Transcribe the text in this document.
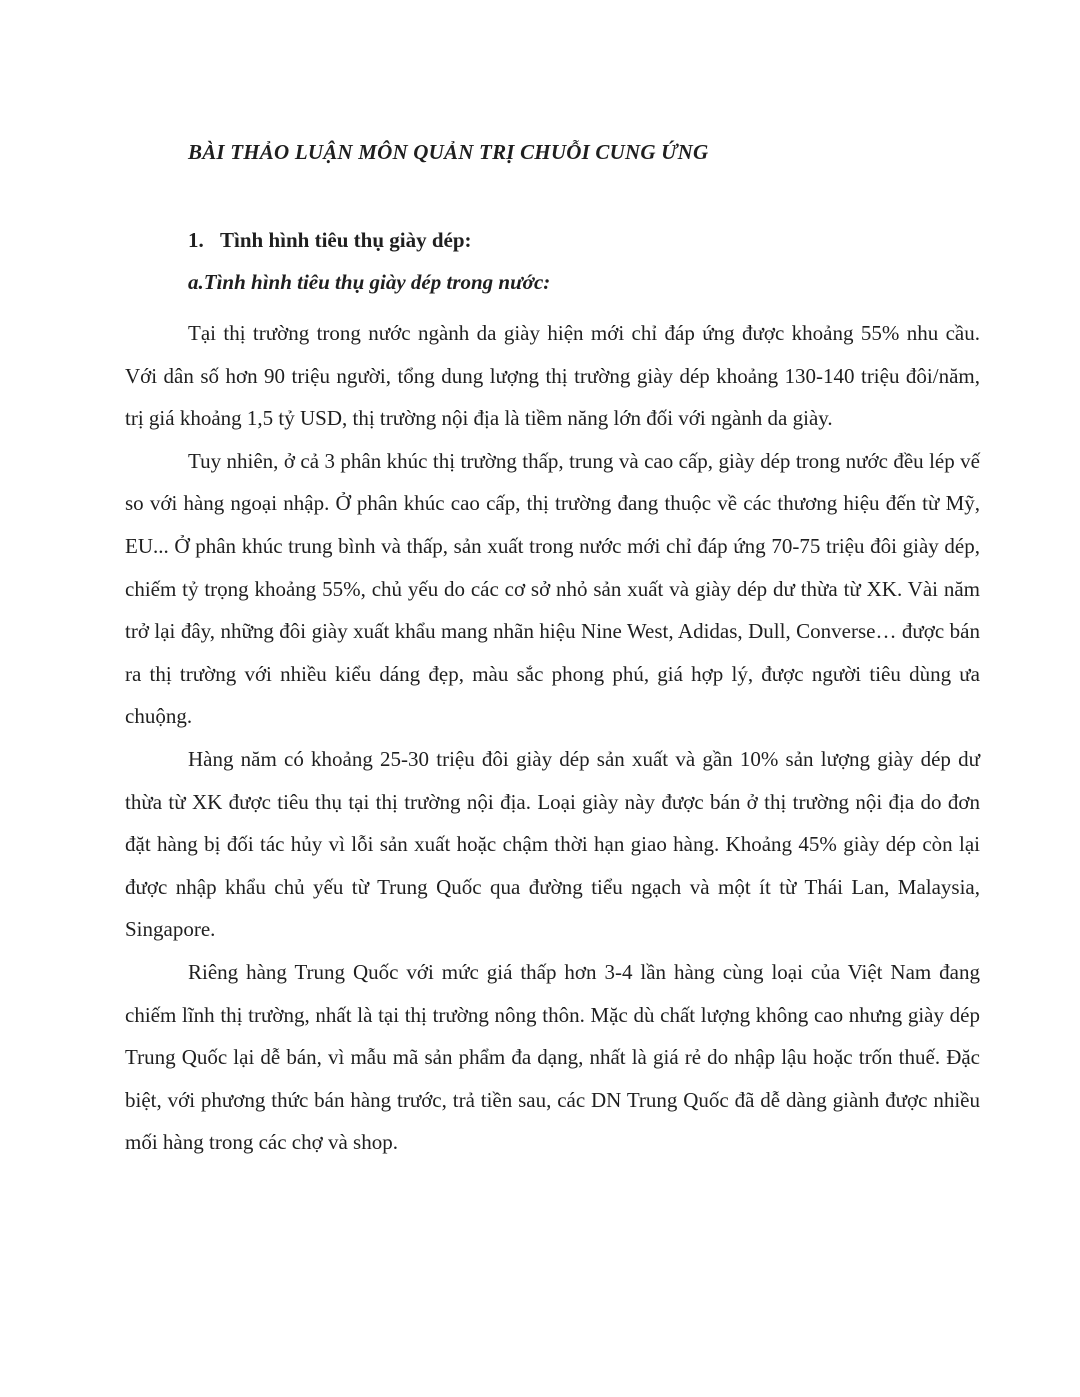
BÀI THẢO LUẬN MÔN QUẢN TRỊ CHUỖI CUNG ỨNG
1. Tình hình tiêu thụ giày dép:
a.Tình hình tiêu thụ giày dép trong nước:

Tại thị trường trong nước ngành da giày hiện mới chỉ đáp ứng được khoảng 55% nhu cầu. Với dân số hơn 90 triệu người, tổng dung lượng thị trường giày dép khoảng 130-140 triệu đôi/năm, trị giá khoảng 1,5 tỷ USD, thị trường nội địa là tiềm năng lớn đối với ngành da giày.

Tuy nhiên, ở cả 3 phân khúc thị trường thấp, trung và cao cấp, giày dép trong nước đều lép vế so với hàng ngoại nhập. Ở phân khúc cao cấp, thị trường đang thuộc về các thương hiệu đến từ Mỹ, EU... Ở phân khúc trung bình và thấp, sản xuất trong nước mới chỉ đáp ứng 70-75 triệu đôi giày dép, chiếm tỷ trọng khoảng 55%, chủ yếu do các cơ sở nhỏ sản xuất và giày dép dư thừa từ XK. Vài năm trở lại đây, những đôi giày xuất khẩu mang nhãn hiệu Nine West, Adidas, Dull, Converse… được bán ra thị trường với nhiều kiểu dáng đẹp, màu sắc phong phú, giá hợp lý, được người tiêu dùng ưa chuộng.

Hàng năm có khoảng 25-30 triệu đôi giày dép sản xuất và gần 10% sản lượng giày dép dư thừa từ XK được tiêu thụ tại thị trường nội địa. Loại giày này được bán ở thị trường nội địa do đơn đặt hàng bị đối tác hủy vì lỗi sản xuất hoặc chậm thời hạn giao hàng. Khoảng 45% giày dép còn lại được nhập khẩu chủ yếu từ Trung Quốc qua đường tiểu ngạch và một ít từ Thái Lan, Malaysia, Singapore.

Riêng hàng Trung Quốc với mức giá thấp hơn 3-4 lần hàng cùng loại của Việt Nam đang chiếm lĩnh thị trường, nhất là tại thị trường nông thôn. Mặc dù chất lượng không cao nhưng giày dép Trung Quốc lại dễ bán, vì mẫu mã sản phẩm đa dạng, nhất là giá rẻ do nhập lậu hoặc trốn thuế. Đặc biệt, với phương thức bán hàng trước, trả tiền sau, các DN Trung Quốc đã dễ dàng giành được nhiều mối hàng trong các chợ và shop.
